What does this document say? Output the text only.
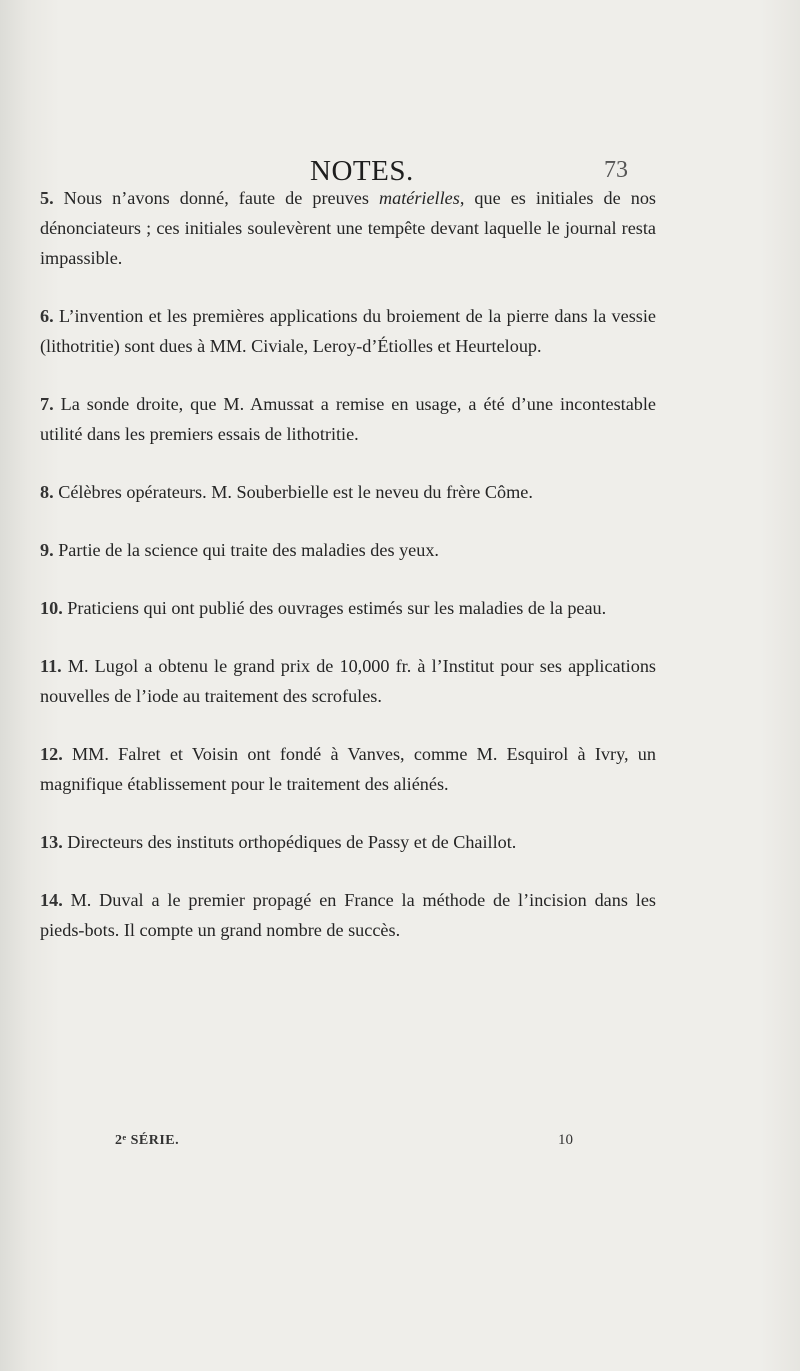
NOTES.	73

5. Nous n’avons donné, faute de preuves matérielles, que es initiales de nos dénonciateurs ; ces initiales soulevèrent une tempête devant laquelle le journal resta impassible.

6. L’invention et les premières applications du broiement de la pierre dans la vessie (lithotritie) sont dues à MM. Civiale, Leroy-d’Étiolles et Heurteloup.

7. La sonde droite, que M. Amussat a remise en usage, a été d’une incontestable utilité dans les premiers essais de lithotritie.

8. Célèbres opérateurs. M. Souberbielle est le neveu du frère Côme.

9. Partie de la science qui traite des maladies des yeux.

10. Praticiens qui ont publié des ouvrages estimés sur les maladies de la peau.

11. M. Lugol a obtenu le grand prix de 10,000 fr. à l’Institut pour ses applications nouvelles de l’iode au traitement des scrofules.

12. MM. Falret et Voisin ont fondé à Vanves, comme M. Esquirol à Ivry, un magnifique établissement pour le traitement des aliénés.

13. Directeurs des instituts orthopédiques de Passy et de Chaillot.

14. M. Duval a le premier propagé en France la méthode de l’incision dans les pieds-bots. Il compte un grand nombre de succès.

2ᵉ SÉRIE.	10
